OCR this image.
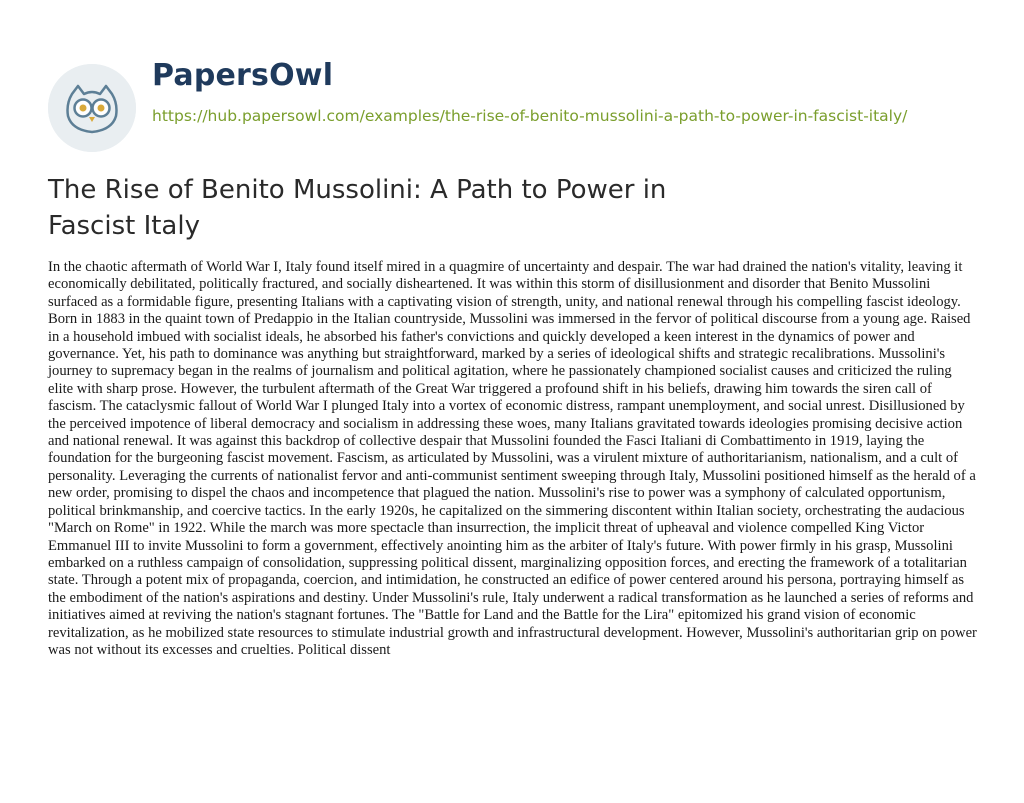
PapersOwl
https://hub.papersowl.com/examples/the-rise-of-benito-mussolini-a-path-to-power-in-fascist-italy/
The Rise of Benito Mussolini: A Path to Power in Fascist Italy

In the chaotic aftermath of World War I, Italy found itself mired in a quagmire of uncertainty and despair. The war had drained the nation's vitality, leaving it economically debilitated, politically fractured, and socially disheartened. It was within this storm of disillusionment and disorder that Benito Mussolini surfaced as a formidable figure, presenting Italians with a captivating vision of strength, unity, and national renewal through his compelling fascist ideology. Born in 1883 in the quaint town of Predappio in the Italian countryside, Mussolini was immersed in the fervor of political discourse from a young age. Raised in a household imbued with socialist ideals, he absorbed his father's convictions and quickly developed a keen interest in the dynamics of power and governance. Yet, his path to dominance was anything but straightforward, marked by a series of ideological shifts and strategic recalibrations. Mussolini's journey to supremacy began in the realms of journalism and political agitation, where he passionately championed socialist causes and criticized the ruling elite with sharp prose. However, the turbulent aftermath of the Great War triggered a profound shift in his beliefs, drawing him towards the siren call of fascism. The cataclysmic fallout of World War I plunged Italy into a vortex of economic distress, rampant unemployment, and social unrest. Disillusioned by the perceived impotence of liberal democracy and socialism in addressing these woes, many Italians gravitated towards ideologies promising decisive action and national renewal. It was against this backdrop of collective despair that Mussolini founded the Fasci Italiani di Combattimento in 1919, laying the foundation for the burgeoning fascist movement. Fascism, as articulated by Mussolini, was a virulent mixture of authoritarianism, nationalism, and a cult of personality. Leveraging the currents of nationalist fervor and anti-communist sentiment sweeping through Italy, Mussolini positioned himself as the herald of a new order, promising to dispel the chaos and incompetence that plagued the nation. Mussolini's rise to power was a symphony of calculated opportunism, political brinkmanship, and coercive tactics. In the early 1920s, he capitalized on the simmering discontent within Italian society, orchestrating the audacious "March on Rome" in 1922. While the march was more spectacle than insurrection, the implicit threat of upheaval and violence compelled King Victor Emmanuel III to invite Mussolini to form a government, effectively anointing him as the arbiter of Italy's future. With power firmly in his grasp, Mussolini embarked on a ruthless campaign of consolidation, suppressing political dissent, marginalizing opposition forces, and erecting the framework of a totalitarian state. Through a potent mix of propaganda, coercion, and intimidation, he constructed an edifice of power centered around his persona, portraying himself as the embodiment of the nation's aspirations and destiny. Under Mussolini's rule, Italy underwent a radical transformation as he launched a series of reforms and initiatives aimed at reviving the nation's stagnant fortunes. The "Battle for Land and the Battle for the Lira" epitomized his grand vision of economic revitalization, as he mobilized state resources to stimulate industrial growth and infrastructural development. However, Mussolini's authoritarian grip on power was not without its excesses and cruelties. Political dissent
